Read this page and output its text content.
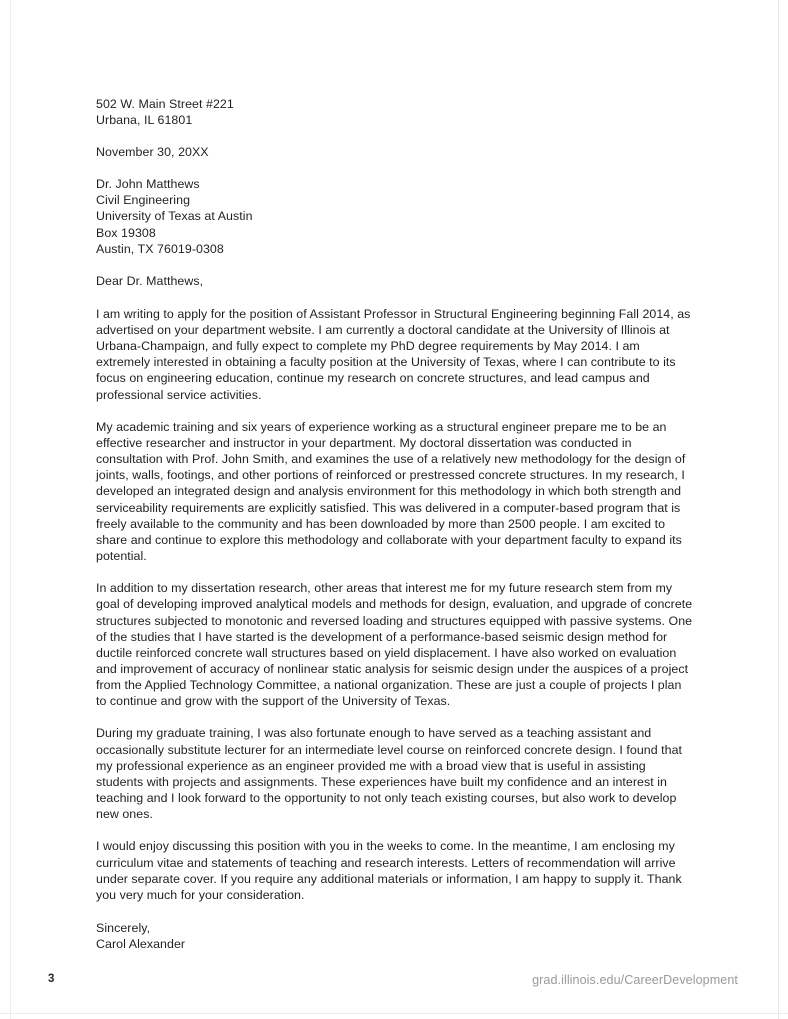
502 W. Main Street #221
Urbana, IL 61801
November 30, 20XX
Dr. John Matthews
Civil Engineering
University of Texas at Austin
Box 19308
Austin, TX 76019-0308
Dear Dr. Matthews,

I am writing to apply for the position of Assistant Professor in Structural Engineering beginning Fall 2014, as advertised on your department website. I am currently a doctoral candidate at the University of Illinois at Urbana-Champaign, and fully expect to complete my PhD degree requirements by May 2014. I am extremely interested in obtaining a faculty position at the University of Texas, where I can contribute to its focus on engineering education, continue my research on concrete structures, and lead campus and professional service activities.

My academic training and six years of experience working as a structural engineer prepare me to be an effective researcher and instructor in your department. My doctoral dissertation was conducted in consultation with Prof. John Smith, and examines the use of a relatively new methodology for the design of joints, walls, footings, and other portions of reinforced or prestressed concrete structures. In my research, I developed an integrated design and analysis environment for this methodology in which both strength and serviceability requirements are explicitly satisfied. This was delivered in a computer-based program that is freely available to the community and has been downloaded by more than 2500 people. I am excited to share and continue to explore this methodology and collaborate with your department faculty to expand its potential.

In addition to my dissertation research, other areas that interest me for my future research stem from my goal of developing improved analytical models and methods for design, evaluation, and upgrade of concrete structures subjected to monotonic and reversed loading and structures equipped with passive systems. One of the studies that I have started is the development of a performance-based seismic design method for ductile reinforced concrete wall structures based on yield displacement. I have also worked on evaluation and improvement of accuracy of nonlinear static analysis for seismic design under the auspices of a project from the Applied Technology Committee, a national organization. These are just a couple of projects I plan to continue and grow with the support of the University of Texas.

During my graduate training, I was also fortunate enough to have served as a teaching assistant and occasionally substitute lecturer for an intermediate level course on reinforced concrete design. I found that my professional experience as an engineer provided me with a broad view that is useful in assisting students with projects and assignments. These experiences have built my confidence and an interest in teaching and I look forward to the opportunity to not only teach existing courses, but also work to develop new ones.

I would enjoy discussing this position with you in the weeks to come. In the meantime, I am enclosing my curriculum vitae and statements of teaching and research interests. Letters of recommendation will arrive under separate cover. If you require any additional materials or information, I am happy to supply it. Thank you very much for your consideration.

Sincerely,
Carol Alexander
3	grad.illinois.edu/CareerDevelopment
